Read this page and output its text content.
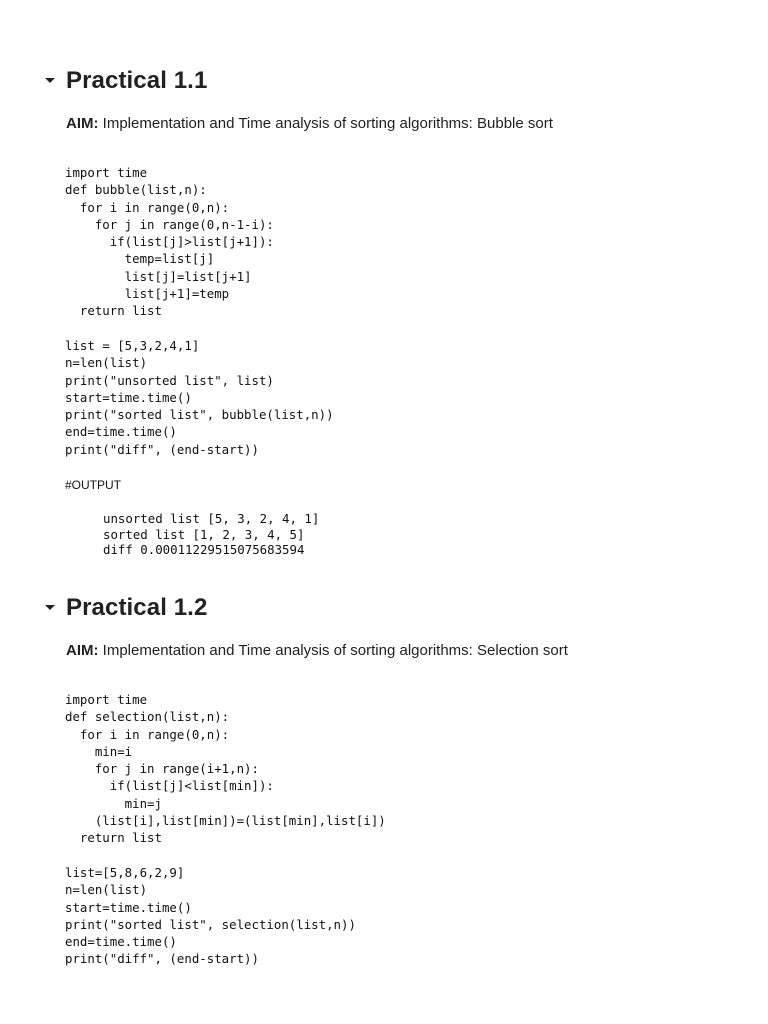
Practical 1.1
AIM: Implementation and Time analysis of sorting algorithms: Bubble sort
import time
def bubble(list,n):
for i in range(0,n):
for j in range(0,n-1-i):
if(list[j]>list[j+1]):
temp=list[j]
list[j]=list[j+1]
list[j+1]=temp
return list
list = [5,3,2,4,1]
n=len(list)
print("unsorted list", list)
start=time.time()
print("sorted list", bubble(list,n))
end=time.time()
print("diff", (end-start))
#OUTPUT
unsorted list [5, 3, 2, 4, 1]
sorted list [1, 2, 3, 4, 5]
diff 0.00011229515075683594
Practical 1.2
AIM: Implementation and Time analysis of sorting algorithms: Selection sort
import time
def selection(list,n):
for i in range(0,n):
min=i
for j in range(i+1,n):
if(list[j]<list[min]):
min=j
(list[i],list[min])=(list[min],list[i])
return list
list=[5,8,6,2,9]
n=len(list)
start=time.time()
print("sorted list", selection(list,n))
end=time.time()
print("diff", (end-start))
